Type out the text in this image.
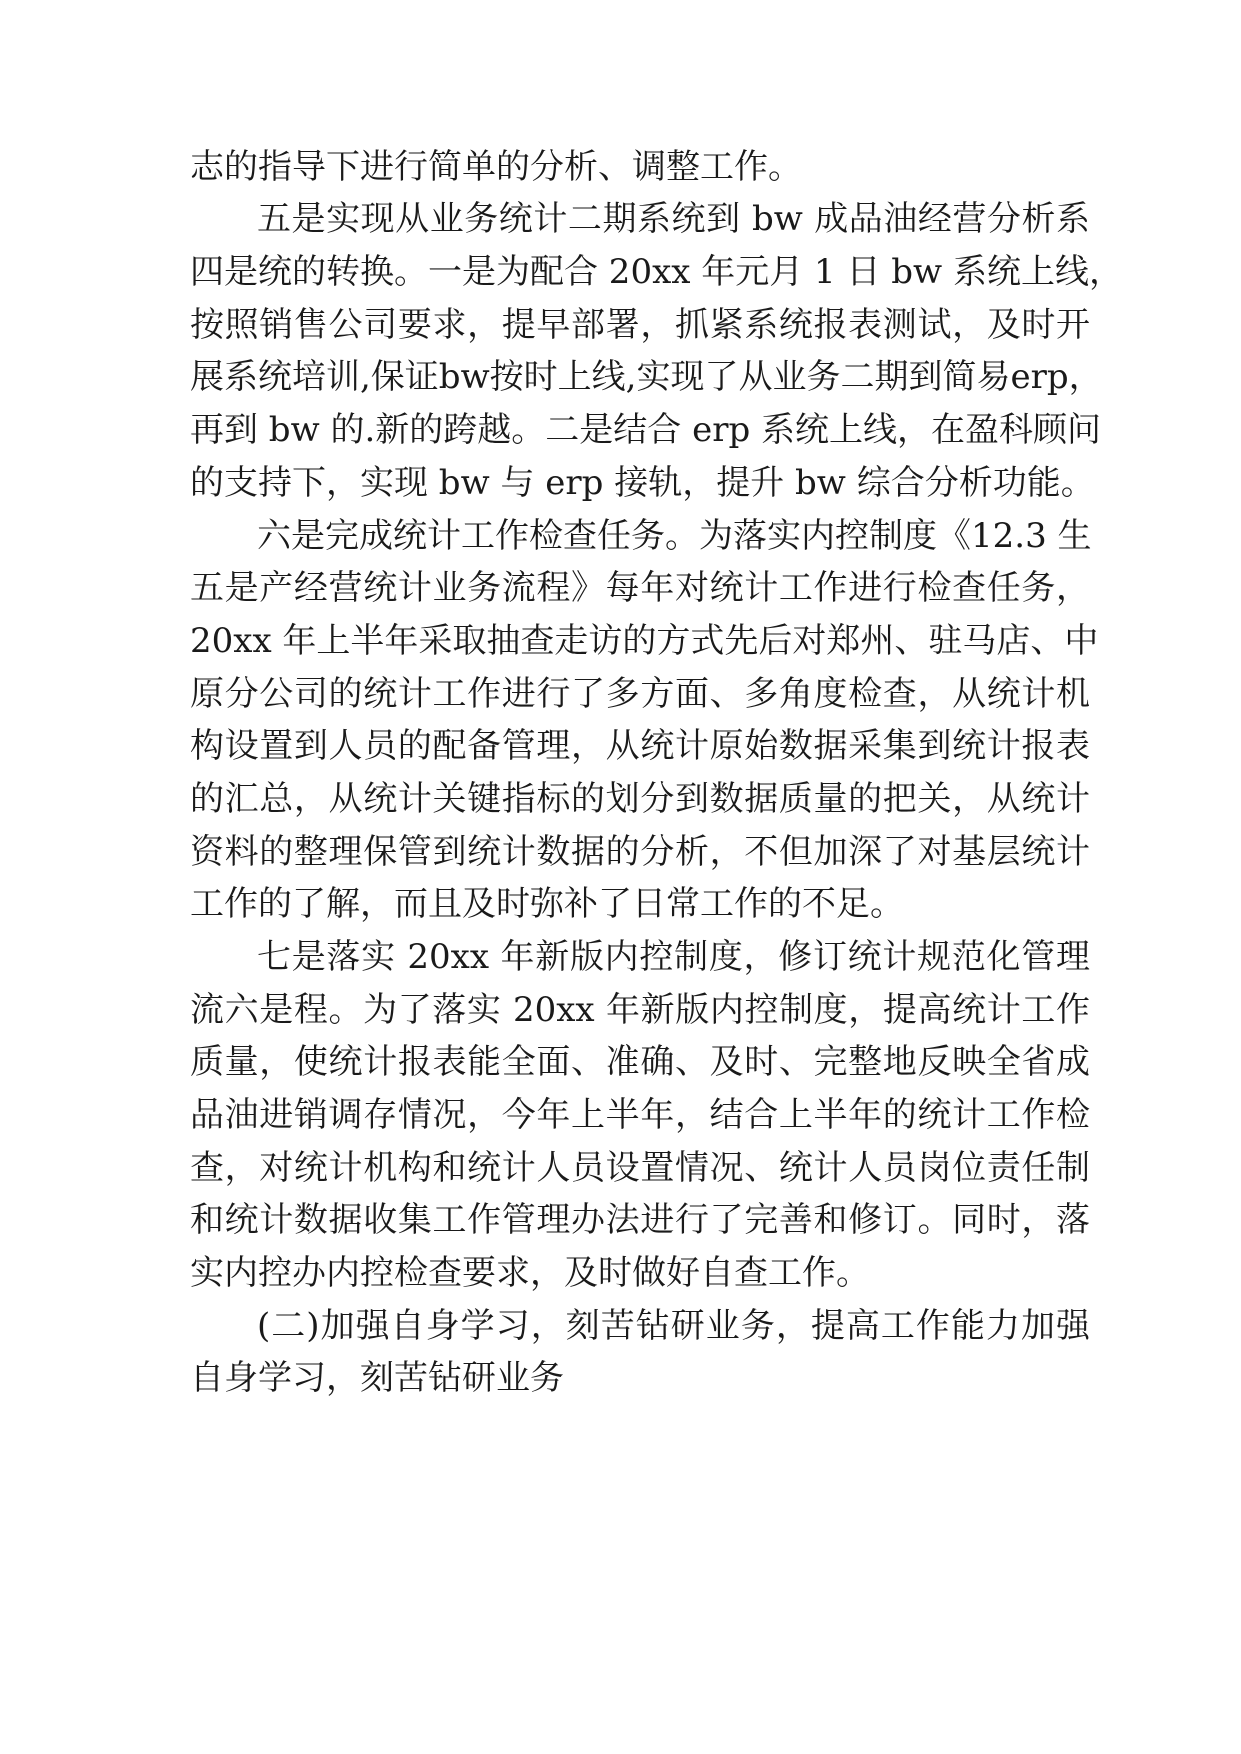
志的指导下进行简单的分析、调整工作。
五是实现从业务统计二期系统到 bw 成品油经营分析系
四是统的转换。一是为配合 20xx 年元月 1 日 bw 系统上线，
按照销售公司要求，提早部署，抓紧系统报表测试，及时开
展系统培训,保证bw按时上线,实现了从业务二期到简易erp，
再到 bw 的.新的跨越。二是结合 erp 系统上线，在盈科顾问
的支持下，实现 bw 与 erp 接轨，提升 bw 综合分析功能。
六是完成统计工作检查任务。为落实内控制度《12.3 生
五是产经营统计业务流程》每年对统计工作进行检查任务，
20xx 年上半年采取抽查走访的方式先后对郑州、驻马店、中
原分公司的统计工作进行了多方面、多角度检查，从统计机
构设置到人员的配备管理，从统计原始数据采集到统计报表
的汇总，从统计关键指标的划分到数据质量的把关，从统计
资料的整理保管到统计数据的分析，不但加深了对基层统计
工作的了解，而且及时弥补了日常工作的不足。
七是落实 20xx 年新版内控制度，修订统计规范化管理
流六是程。为了落实 20xx 年新版内控制度，提高统计工作
质量，使统计报表能全面、准确、及时、完整地反映全省成
品油进销调存情况，今年上半年，结合上半年的统计工作检
查，对统计机构和统计人员设置情况、统计人员岗位责任制
和统计数据收集工作管理办法进行了完善和修订。同时，落
实内控办内控检查要求，及时做好自查工作。
(二)加强自身学习，刻苦钻研业务，提高工作能力加强
自身学习，刻苦钻研业务
